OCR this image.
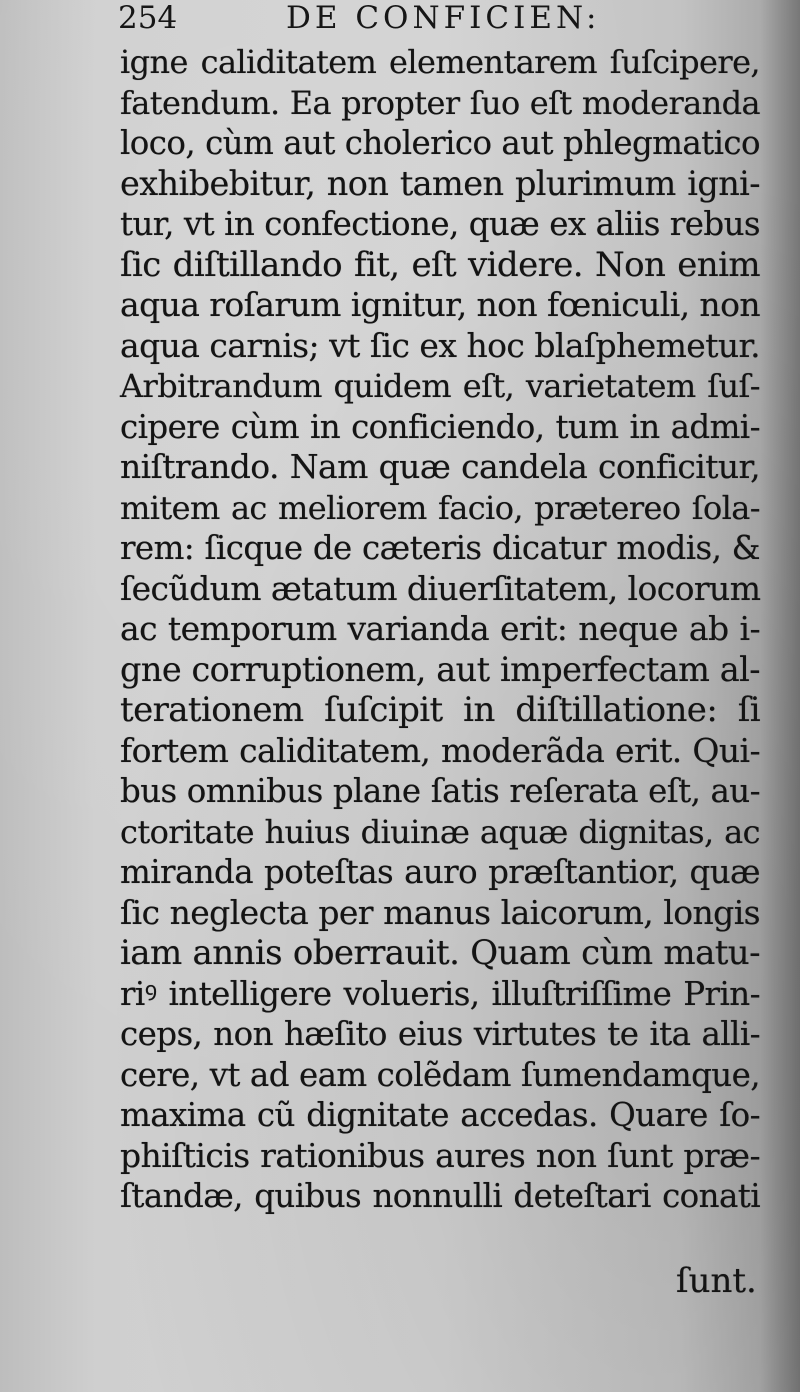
254	DE CONFICIEN:
igne caliditatem elementarem ſuſcipere,
fatendum. Ea propter ſuo eſt moderanda
loco, cùm aut cholerico aut phlegmatico
exhibebitur, non tamen plurimum igni-
tur, vt in confectione, quæ ex aliis rebus
ſic diſtillando fit, eſt videre. Non enim
aqua roſarum ignitur, non fœniculi, non
aqua carnis; vt ſic ex hoc blaſphemetur.
Arbitrandum quidem eſt, varietatem ſuſ-
cipere cùm in conficiendo, tum in admi-
niſtrando. Nam quæ candela conficitur,
mitem ac meliorem facio, prætereo ſola-
rem: ſicque de cæteris dicatur modis, &
ſecũdum ætatum diuerſitatem, locorum
ac temporum varianda erit: neque ab i-
gne corruptionem, aut imperfectam al-
terationem ſuſcipit in diſtillatione: ſi
fortem caliditatem, moderãda erit. Qui-
bus omnibus plane ſatis reſerata eſt, au-
ctoritate huius diuinæ aquæ dignitas, ac
miranda poteſtas auro præſtantior, quæ
ſic neglecta per manus laicorum, longis
iam annis oberrauit. Quam cùm matu-
riꝰ intelligere volueris, illuſtriſſime Prin-
ceps, non hæſito eius virtutes te ita alli-
cere, vt ad eam colẽdam ſumendamque,
maxima cũ dignitate accedas. Quare ſo-
phiſticis rationibus aures non ſunt præ-
ſtandæ, quibus nonnulli deteſtari conati
ſunt.
